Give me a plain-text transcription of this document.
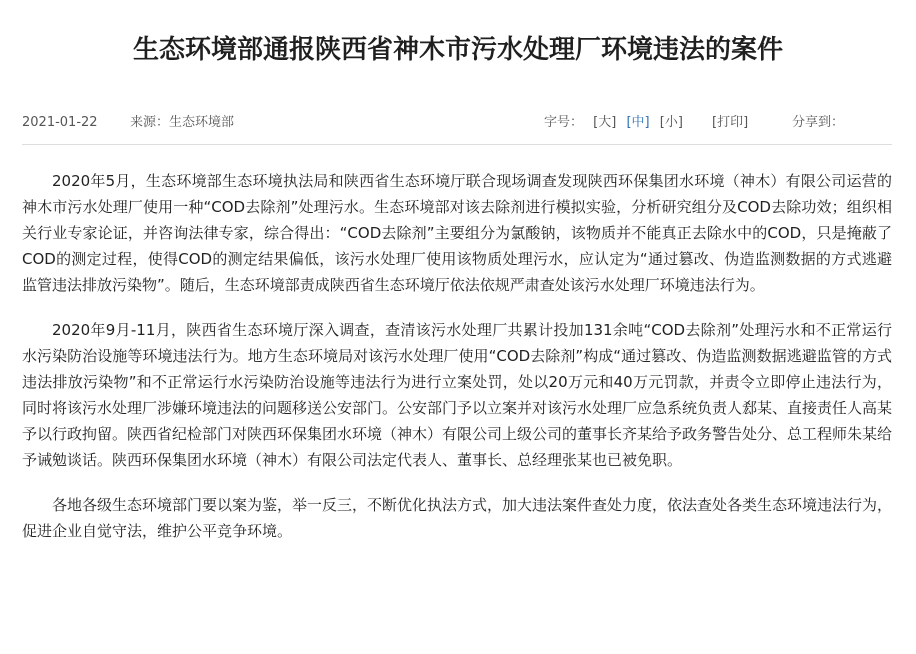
生态环境部通报陕西省神木市污水处理厂环境违法的案件
2021-01-22 来源：生态环境部	字号： [大] [中] [小] [打印]	分享到：

2020年5月，生态环境部生态环境执法局和陕西省生态环境厅联合现场调查发现陕西环保集团水环境（神木）有限公司运营的神木市污水处理厂使用一种“COD去除剂”处理污水。生态环境部对该去除剂进行模拟实验，分析研究组分及COD去除功效；组织相关行业专家论证，并咨询法律专家，综合得出：“COD去除剂”主要组分为氯酸钠，该物质并不能真正去除水中的COD，只是掩蔽了COD的测定过程，使得COD的测定结果偏低，该污水处理厂使用该物质处理污水，应认定为“通过篡改、伪造监测数据的方式逃避监管违法排放污染物”。随后，生态环境部责成陕西省生态环境厅依法依规严肃查处该污水处理厂环境违法行为。

2020年9月-11月，陕西省生态环境厅深入调查，查清该污水处理厂共累计投加131余吨“COD去除剂”处理污水和不正常运行水污染防治设施等环境违法行为。地方生态环境局对该污水处理厂使用“COD去除剂”构成“通过篡改、伪造监测数据逃避监管的方式违法排放污染物”和不正常运行水污染防治设施等违法行为进行立案处罚，处以20万元和40万元罚款，并责令立即停止违法行为，同时将该污水处理厂涉嫌环境违法的问题移送公安部门。公安部门予以立案并对该污水处理厂应急系统负责人郄某、直接责任人高某予以行政拘留。陕西省纪检部门对陕西环保集团水环境（神木）有限公司上级公司的董事长齐某给予政务警告处分、总工程师朱某给予诫勉谈话。陕西环保集团水环境（神木）有限公司法定代表人、董事长、总经理张某也已被免职。

各地各级生态环境部门要以案为鉴，举一反三，不断优化执法方式，加大违法案件查处力度，依法查处各类生态环境违法行为，促进企业自觉守法，维护公平竞争环境。
